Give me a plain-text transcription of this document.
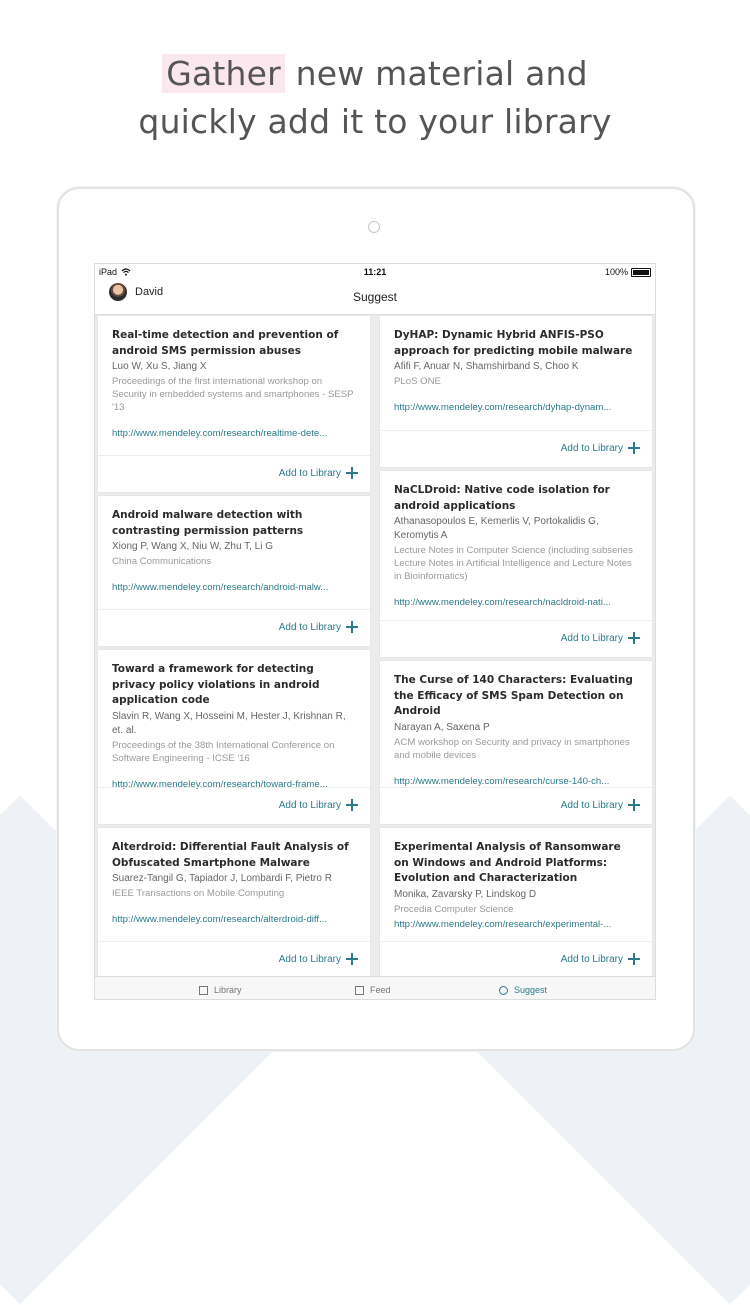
Gather new material and
quickly add it to your library
iPad	11:21	100%
David	Suggest
Real-time detection and prevention of android SMS permission abuses
Luo W, Xu S, Jiang X
Proceedings of the first international workshop on Security in embedded systems and smartphones - SESP '13
http://www.mendeley.com/research/realtime-dete...
Add to Library
Android malware detection with contrasting permission patterns
Xiong P, Wang X, Niu W, Zhu T, Li G
China Communications
http://www.mendeley.com/research/android-malw...
Add to Library
Toward a framework for detecting privacy policy violations in android application code
Slavin R, Wang X, Hosseini M, Hester J, Krishnan R, et. al.
Proceedings of the 38th International Conference on Software Engineering - ICSE '16
http://www.mendeley.com/research/toward-frame...
Add to Library
Alterdroid: Differential Fault Analysis of Obfuscated Smartphone Malware
Suarez-Tangil G, Tapiador J, Lombardi F, Pietro R
IEEE Transactions on Mobile Computing
http://www.mendeley.com/research/alterdroid-diff...
Add to Library
DyHAP: Dynamic Hybrid ANFIS-PSO approach for predicting mobile malware
Afifi F, Anuar N, Shamshirband S, Choo K
PLoS ONE
http://www.mendeley.com/research/dyhap-dynam...
Add to Library
NaCLDroid: Native code isolation for android applications
Athanasopoulos E, Kemerlis V, Portokalidis G, Keromytis A
Lecture Notes in Computer Science (including subseries Lecture Notes in Artificial Intelligence and Lecture Notes in Bioinformatics)
http://www.mendeley.com/research/nacldroid-nati...
Add to Library
The Curse of 140 Characters: Evaluating the Efficacy of SMS Spam Detection on Android
Narayan A, Saxena P
ACM workshop on Security and privacy in smartphones and mobile devices
http://www.mendeley.com/research/curse-140-ch...
Add to Library
Experimental Analysis of Ransomware on Windows and Android Platforms: Evolution and Characterization
Monika, Zavarsky P, Lindskog D
Procedia Computer Science
http://www.mendeley.com/research/experimental-...
Add to Library
Library	Feed	Suggest
